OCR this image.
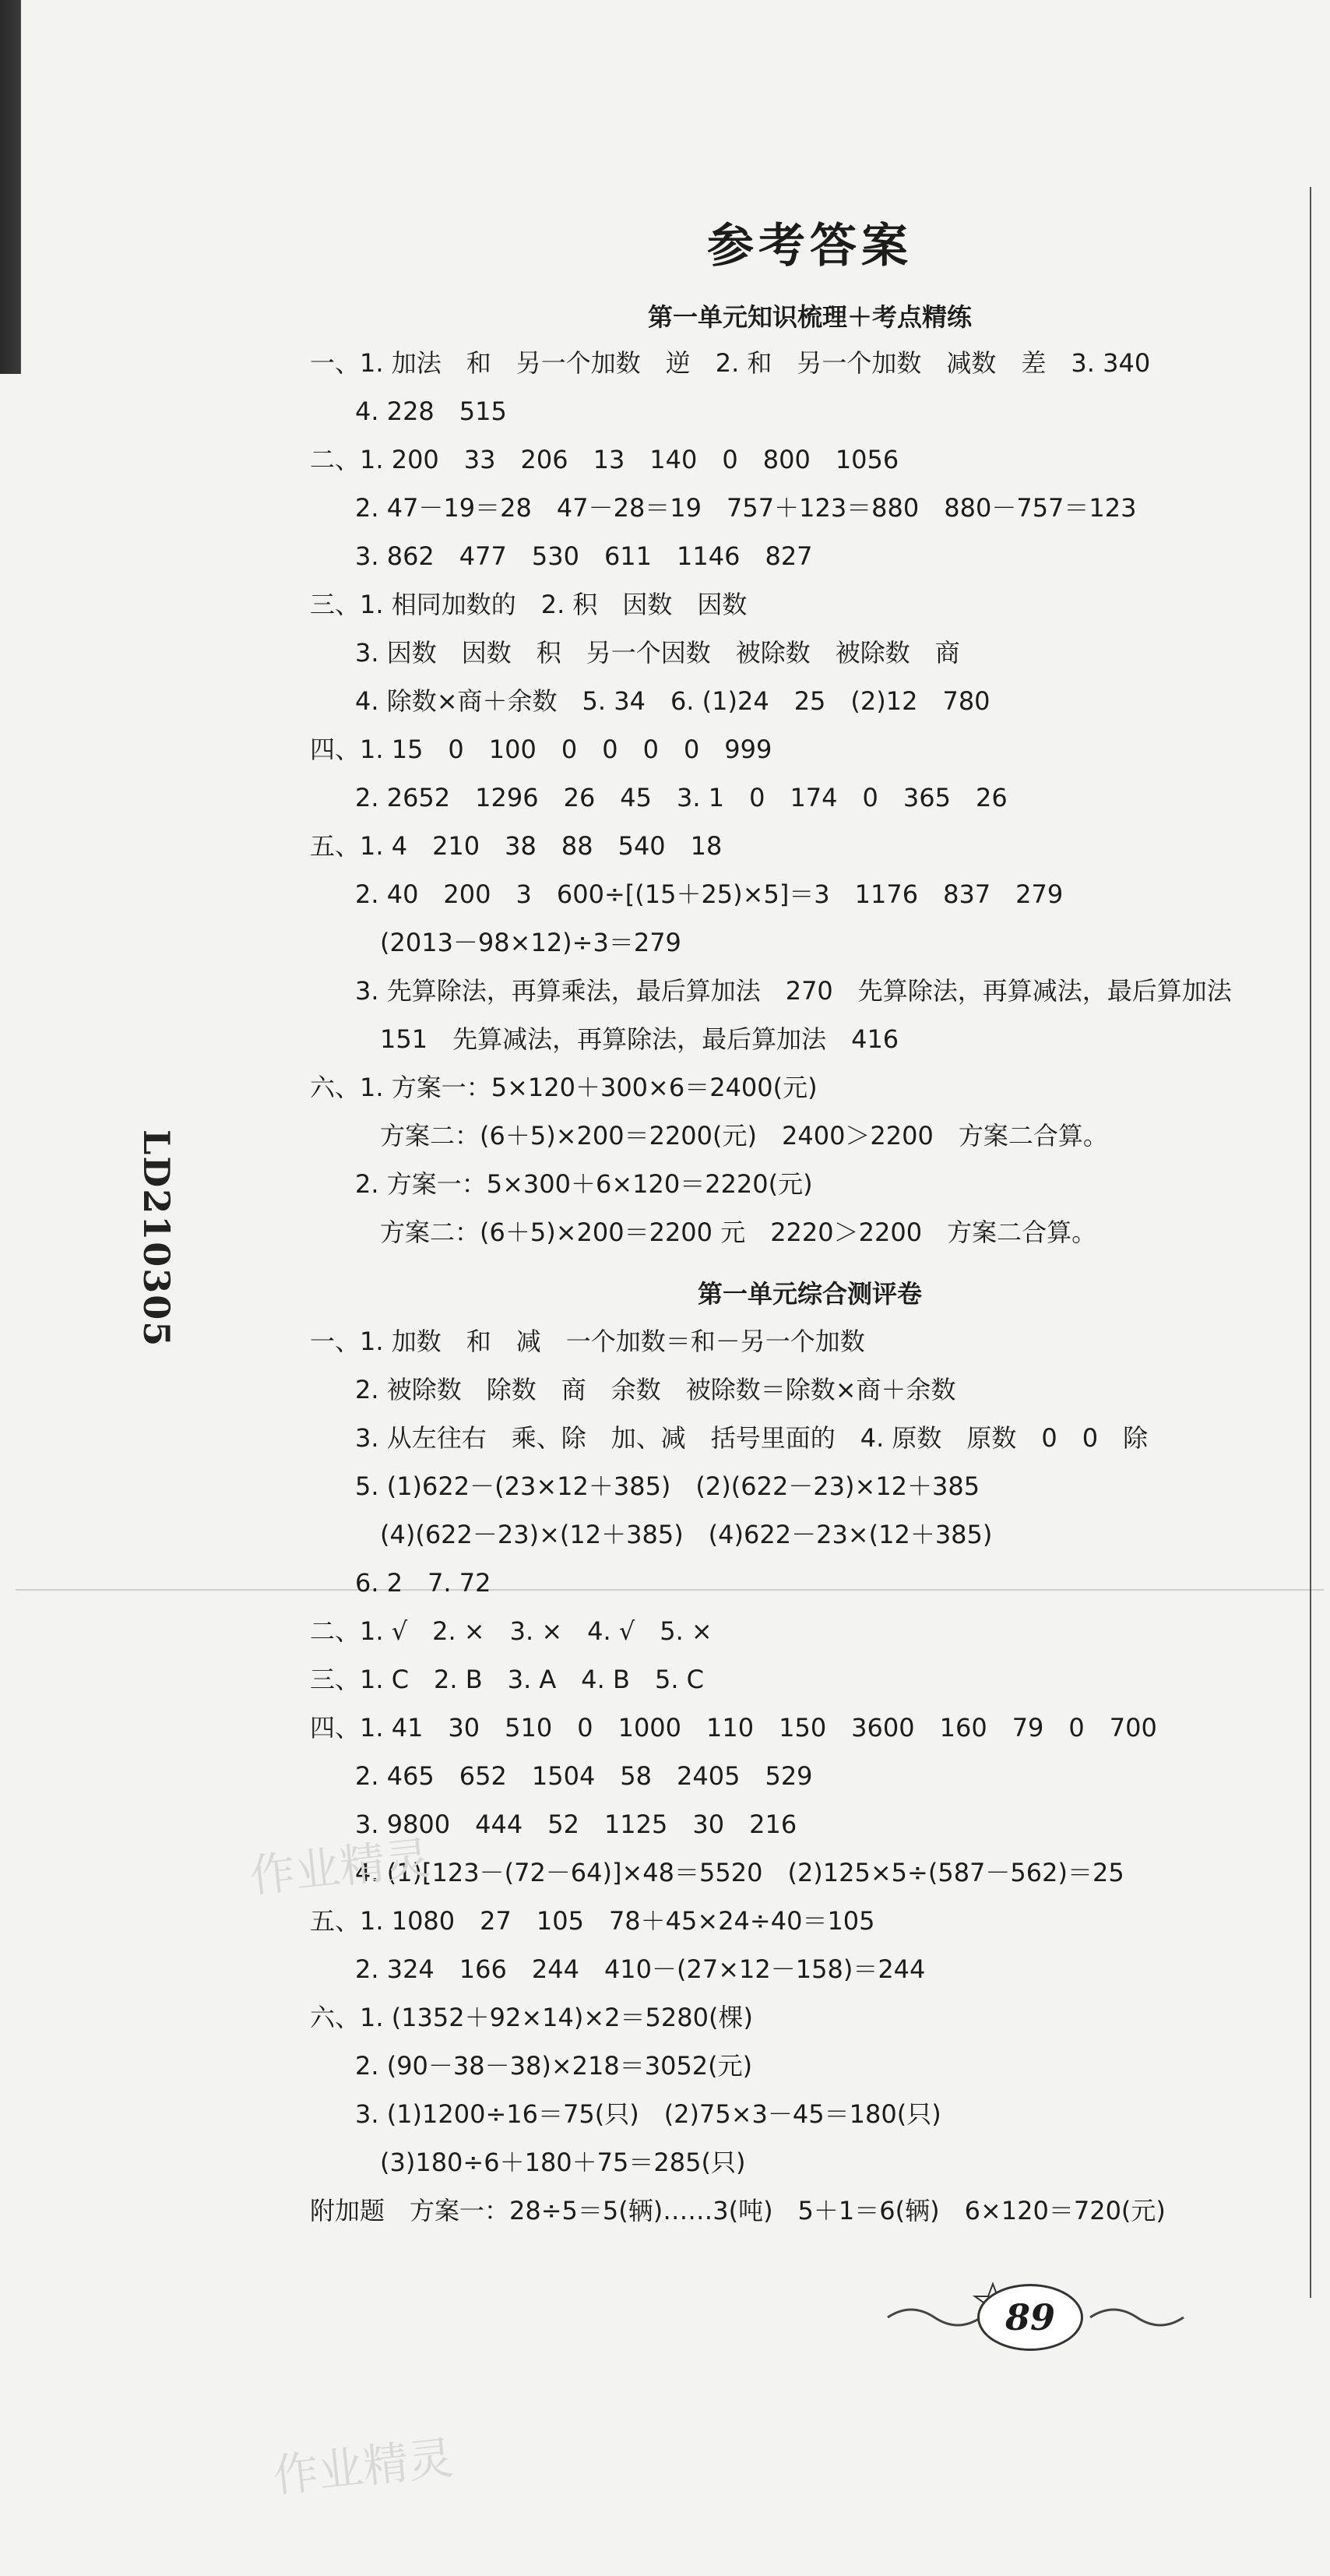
参考答案
第一单元知识梳理＋考点精练
一、1. 加法　和　另一个加数　逆　2. 和　另一个加数　减数　差　3. 340
4. 228　515
二、1. 200　33　206　13　140　0　800　1056
2. 47－19＝28　47－28＝19　757＋123＝880　880－757＝123
3. 862　477　530　611　1146　827
三、1. 相同加数的　2. 积　因数　因数
3. 因数　因数　积　另一个因数　被除数　被除数　商
4. 除数×商＋余数　5. 34　6. (1)24　25　(2)12　780
四、1. 15　0　100　0　0　0　0　999
2. 2652　1296　26　45　3. 1　0　174　0　365　26
五、1. 4　210　38　88　540　18
2. 40　200　3　600÷[(15＋25)×5]＝3　1176　837　279
(2013－98×12)÷3＝279
3. 先算除法，再算乘法，最后算加法　270　先算除法，再算减法，最后算加法
151　先算减法，再算除法，最后算加法　416
六、1. 方案一：5×120＋300×6＝2400(元)
方案二：(6＋5)×200＝2200(元)　2400＞2200　方案二合算。
2. 方案一：5×300＋6×120＝2220(元)
方案二：(6＋5)×200＝2200 元　2220＞2200　方案二合算。
第一单元综合测评卷
一、1. 加数　和　减　一个加数＝和－另一个加数
2. 被除数　除数　商　余数　被除数＝除数×商＋余数
3. 从左往右　乘、除　加、减　括号里面的　4. 原数　原数　0　0　除
5. (1)622－(23×12＋385)　(2)(622－23)×12＋385
(4)(622－23)×(12＋385)　(4)622－23×(12＋385)
6. 2　7. 72
二、1. √　2. ×　3. ×　4. √　5. ×
三、1. C　2. B　3. A　4. B　5. C
四、1. 41　30　510　0　1000　110　150　3600　160　79　0　700
2. 465　652　1504　58　2405　529
3. 9800　444　52　1125　30　216
4. (1)[123－(72－64)]×48＝5520　(2)125×5÷(587－562)＝25
五、1. 1080　27　105　78＋45×24÷40＝105
2. 324　166　244　410－(27×12－158)＝244
六、1. (1352＋92×14)×2＝5280(棵)
2. (90－38－38)×218＝3052(元)
3. (1)1200÷16＝75(只)　(2)75×3－45＝180(只)
(3)180÷6＋180＋75＝285(只)
附加题　方案一：28÷5＝5(辆)……3(吨)　5＋1＝6(辆)　6×120＝720(元)
LD210305
作业精灵
作业精灵
89
